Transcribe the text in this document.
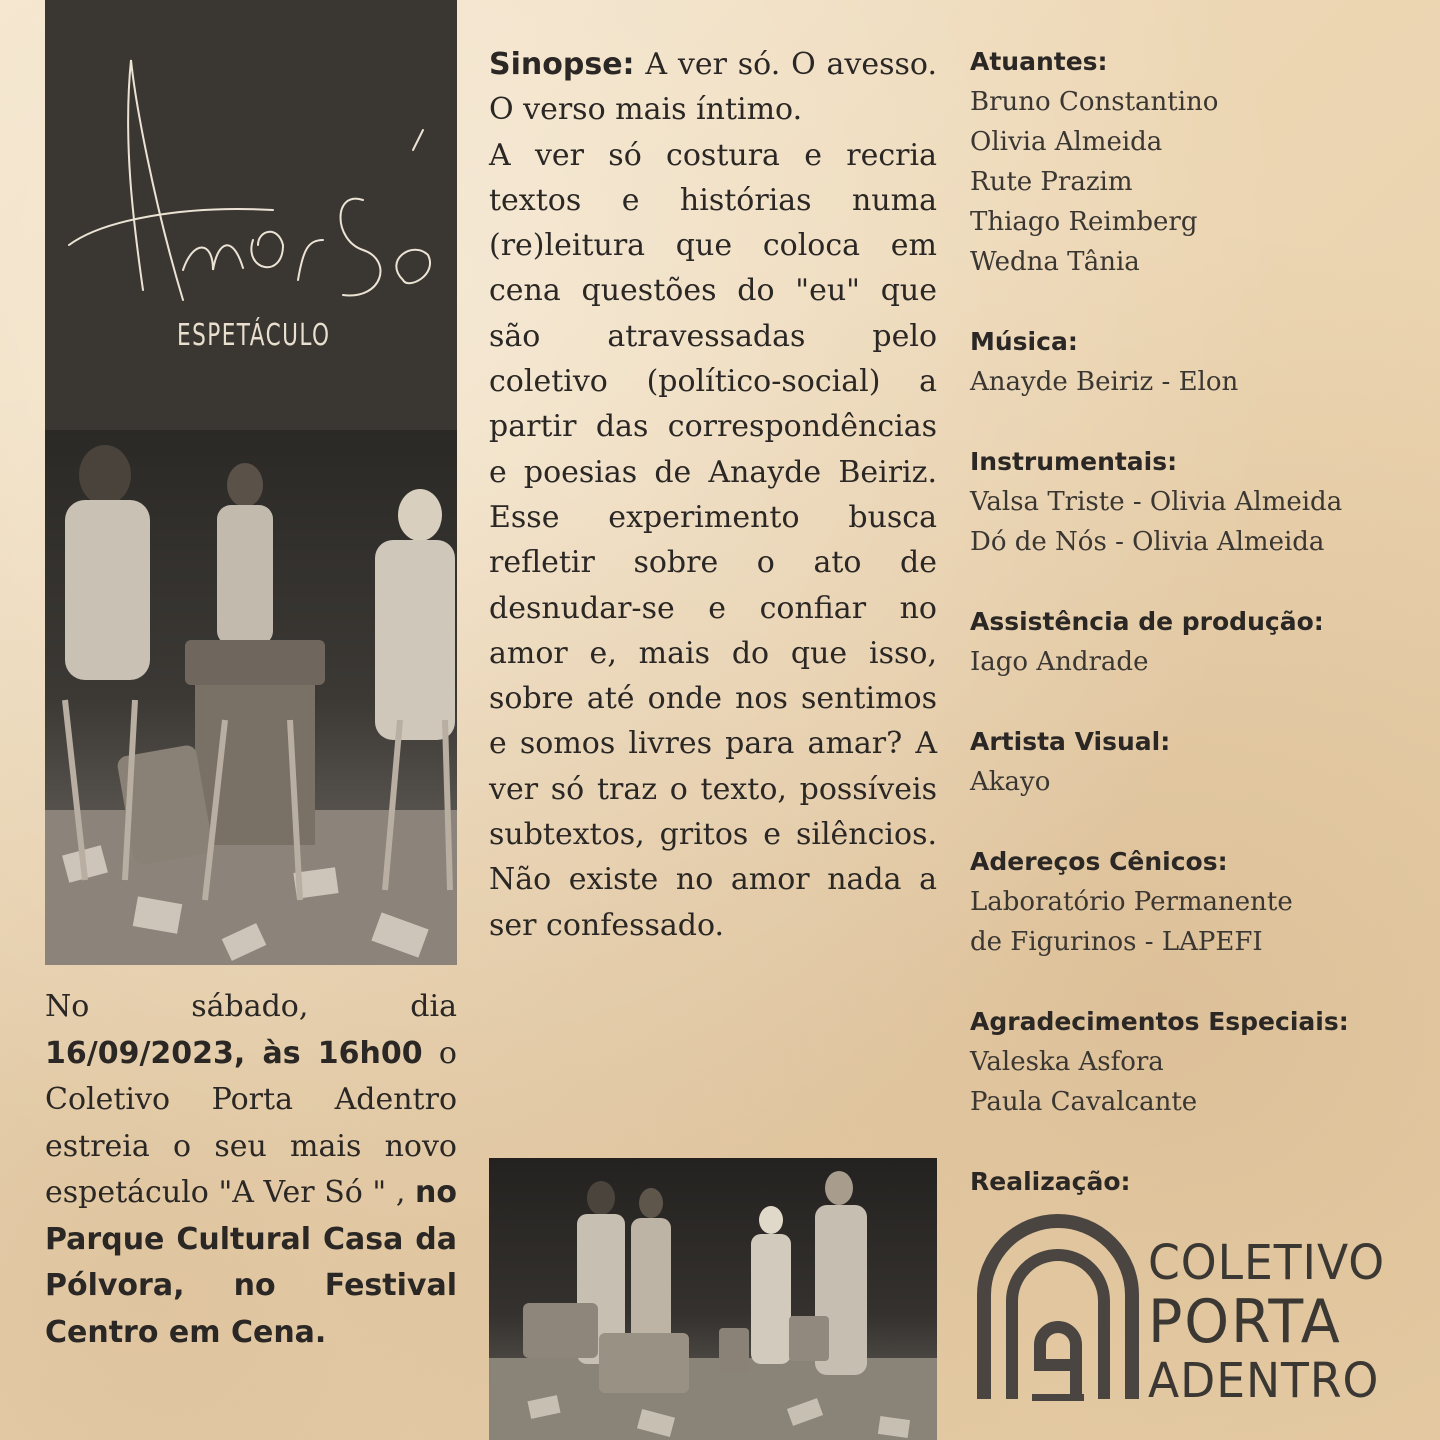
ESPETÁCULO
No sábado, dia 16/09/2023, às 16h00 o Coletivo Porta Adentro estreia o seu mais novo espetáculo "A Ver Só " , no Parque Cultural Casa da Pólvora, no Festival Centro em Cena.

Sinopse: A ver só. O avesso. O verso mais íntimo.

A ver só costura e recria textos e histórias numa (re)leitura que coloca em cena questões do "eu" que são atravessadas pelo coletivo (político-social) a partir das correspondências e poesias de Anayde Beiriz. Esse experimento busca refletir sobre o ato de desnudar-se e confiar no amor e, mais do que isso, sobre até onde nos sentimos e somos livres para amar? A ver só traz o texto, possíveis subtextos, gritos e silêncios. Não existe no amor nada a ser confessado.

Atuantes:
Bruno Constantino
Olivia Almeida
Rute Prazim
Thiago Reimberg
Wedna Tânia
Música:
Anayde Beiriz - Elon
Instrumentais:
Valsa Triste - Olivia Almeida
Dó de Nós - Olivia Almeida
Assistência de produção:
Iago Andrade
Artista Visual:
Akayo
Adereços Cênicos:
Laboratório Permanente
de Figurinos - LAPEFI
Agradecimentos Especiais:
Valeska Asfora
Paula Cavalcante
Realização:
COLETIVO
PORTA
ADENTRO
